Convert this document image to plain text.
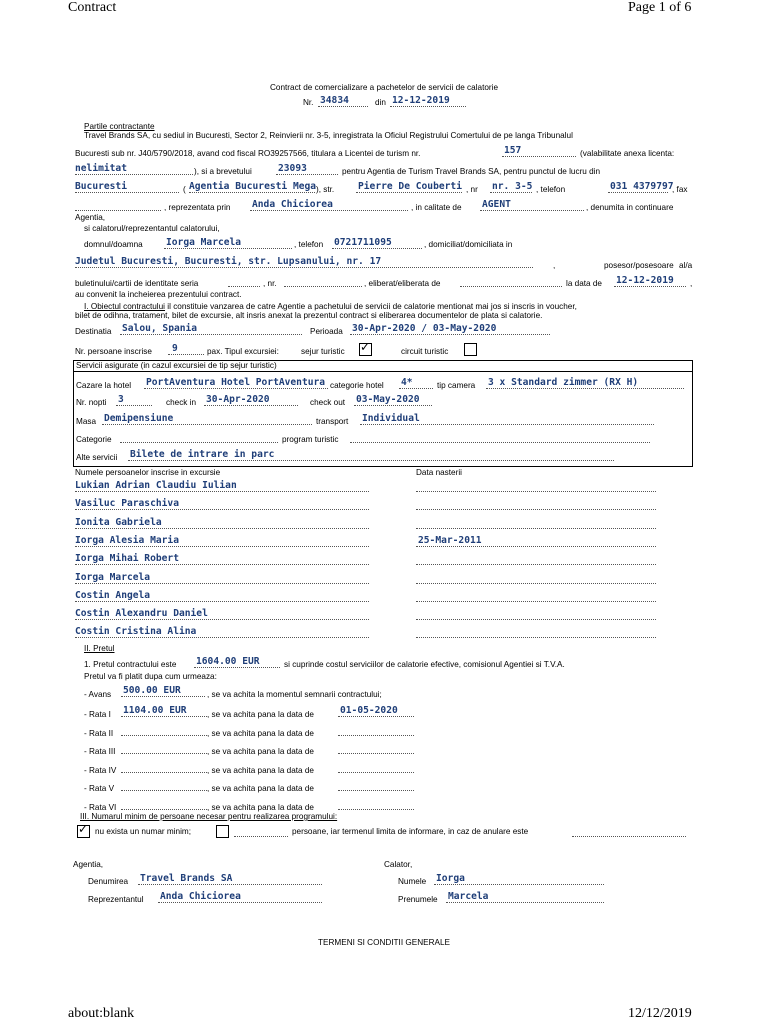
Contract	Page 1 of 6
Contract de comercializare a pachetelor de servicii de calatorie
Nr. 34834	din 12-12-2019
Partile contractante
Travel Brands SA, cu sediul in Bucuresti, Sector 2, Reinvierii nr. 3-5, inregistrata la Oficiul Registrului Comertului de pe langa Tribunalul
Bucuresti sub nr. J40/5790/2018, avand cod fiscal RO39257566, titulara a Licentei de turism nr.	157	(valabilitate anexa licenta:
nelimitat	), si a brevetului	23093	pentru Agentia de Turism Travel Brands SA, pentru punctul de lucru din
Bucuresti	( Agentia Bucuresti Mega ), str. Pierre De Couberti , nr nr. 3-5 , telefon	031 4379797
, fax
, reprezentata prin Anda Chiciorea	, in calitate de AGENT	, denumita in continuare
Agentia,
si calatorul/reprezentantul calatorului,
domnul/doamna Iorga Marcela	, telefon 0721711095	, domiciliat/domiciliata in
Judetul Bucuresti, Bucuresti, str. Lupsanului, nr. 17	,	posesor/posesoare al/a
buletinului/cartii de identitate seria	, nr.	, eliberat/eliberata de	la data de 12-12-2019 ,
au convenit la incheierea prezentului contract.
I. Obiectul contractului il constituie vanzarea de catre Agentie a pachetului de servicii de calatorie mentionat mai jos si inscris in voucher,
bilet de odihna, tratament, bilet de excursie, alt insris anexat la prezentul contract si eliberarea documentelor de plata si calatorie.
Destinatia Salou, Spania	Perioada 30-Apr-2020 / 03-May-2020
Nr. persoane inscrise 9	pax. Tipul excursiei:	sejur turistic ✓	circuit turistic
Servicii asigurate (in cazul excursiei de tip sejur turistic)
Cazare la hotel PortAventura Hotel PortAventura categorie hotel 4*	tip camera 3 x Standard zimmer (RX H)
Nr. nopti 3	check in 30-Apr-2020	check out 03-May-2020
Masa Demipensiune	transport Individual
Categorie	program turistic
Alte servicii Bilete de intrare in parc
Numele persoanelor inscrise in excursie	Data nasterii
Lukian Adrian Claudiu Iulian
Vasiluc Paraschiva
Ionita Gabriela
Iorga Alesia Maria	25-Mar-2011
Iorga Mihai Robert
Iorga Marcela
Costin Angela
Costin Alexandru Daniel
Costin Cristina Alina
II. Pretul
1. Pretul contractului este 1604.00 EUR	si cuprinde costul serviciilor de calatorie efective, comisionul Agentiei si T.V.A.
Pretul va fi platit dupa cum urmeaza:
- Avans 500.00 EUR	, se va achita la momentul semnarii contractului;
- Rata I 1104.00 EUR , se va achita pana la data de	01-05-2020
- Rata II	, se va achita pana la data de
- Rata III	, se va achita pana la data de
- Rata IV	, se va achita pana la data de
- Rata V	, se va achita pana la data de
- Rata VI	, se va achita pana la data de
III. Numarul minim de persoane necesar pentru realizarea programului:
✓ nu exista un numar minim;	persoane, iar termenul limita de informare, in caz de anulare este
Agentia,
Denumirea Travel Brands SA
Reprezentantul Anda Chiciorea
Calator,
Numele Iorga
Prenumele Marcela
TERMENI SI CONDITII GENERALE
about:blank	12/12/2019
